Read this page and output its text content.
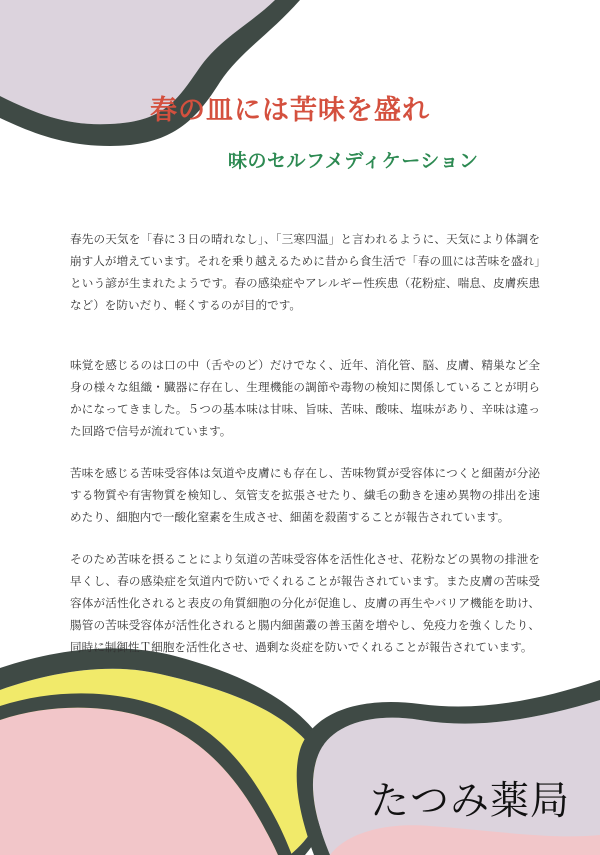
春の皿には苦味を盛れ
味のセルフメディケーション

春先の天気を「春に３日の晴れなし」、「三寒四温」と言われるように、天気により体調を崩す人が増えています。それを乗り越えるために昔から食生活で「春の皿には苦味を盛れ」という諺が生まれたようです。春の感染症やアレルギー性疾患（花粉症、喘息、皮膚疾患など）を防いだり、軽くするのが目的です。

味覚を感じるのは口の中（舌やのど）だけでなく、近年、消化管、脳、皮膚、精巣など全身の様々な組織・臓器に存在し、生理機能の調節や毒物の検知に関係していることが明らかになってきました。５つの基本味は甘味、旨味、苦味、酸味、塩味があり、辛味は違った回路で信号が流れています。

苦味を感じる苦味受容体は気道や皮膚にも存在し、苦味物質が受容体につくと細菌が分泌する物質や有害物質を検知し、気管支を拡張させたり、繊毛の動きを速め異物の排出を速めたり、細胞内で一酸化窒素を生成させ、細菌を殺菌することが報告されています。

そのため苦味を摂ることにより気道の苦味受容体を活性化させ、花粉などの異物の排泄を早くし、春の感染症を気道内で防いでくれることが報告されています。また皮膚の苦味受容体が活性化されると表皮の角質細胞の分化が促進し、皮膚の再生やバリア機能を助け、腸管の苦味受容体が活性化されると腸内細菌叢の善玉菌を増やし、免疫力を強くしたり、同時に制御性Ｔ細胞を活性化させ、過剰な炎症を防いでくれることが報告されています。

たつみ薬局
